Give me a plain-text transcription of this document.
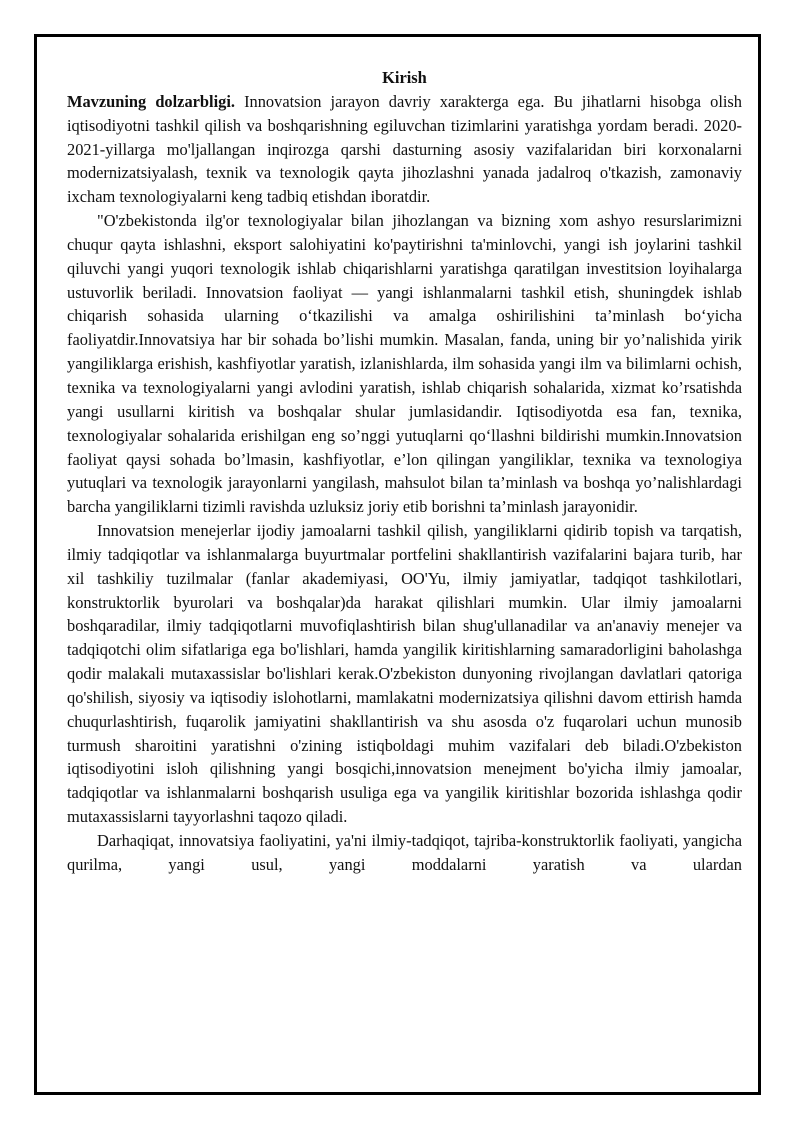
Kirish

Mavzuning dolzarbligi. Innovatsion jarayon davriy xarakterga ega. Bu jihatlarni hisobga olish iqtisodiyotni tashkil qilish va boshqarishning egiluvchan tizimlarini yaratishga yordam beradi. 2020-2021-yillarga mo'ljallangan inqirozga qarshi dasturning asosiy vazifalaridan biri korxonalarni modernizatsiyalash, texnik va texnologik qayta jihozlashni yanada jadalroq o'tkazish, zamonaviy ixcham texnologiyalarni keng tadbiq etishdan iboratdir.

"O'zbekistonda ilg'or texnologiyalar bilan jihozlangan va bizning xom ashyo resurslarimizni chuqur qayta ishlashni, eksport salohiyatini ko'paytirishni ta'minlovchi, yangi ish joylarini tashkil qiluvchi yangi yuqori texnologik ishlab chiqarishlarni yaratishga qaratilgan investitsion loyihalarga ustuvorlik beriladi. Innovatsion faoliyat — yangi ishlanmalarni tashkil etish, shuningdek ishlab chiqarish sohasida ularning o‘tkazilishi va amalga oshirilishini ta’minlash bo‘yicha faoliyatdir.Innovatsiya har bir sohada bo’lishi mumkin. Masalan, fanda, uning bir yo’nalishida yirik yangiliklarga erishish, kashfiyotlar yaratish, izlanishlarda, ilm sohasida yangi ilm va bilimlarni ochish, texnika va texnologiyalarni yangi avlodini yaratish, ishlab chiqarish sohalarida, xizmat ko’rsatishda yangi usullarni kiritish va boshqalar shular jumlasidandir. Iqtisodiyotda esa fan, texnika, texnologiyalar sohalarida erishilgan eng so’nggi yutuqlarni qo‘llashni bildirishi mumkin.Innovatsion faoliyat qaysi sohada bo’lmasin, kashfiyotlar, e’lon qilingan yangiliklar, texnika va texnologiya yutuqlari va texnologik jarayonlarni yangilash, mahsulot bilan ta’minlash va boshqa yo’nalishlardagi barcha yangiliklarni tizimli ravishda uzluksiz joriy etib borishni ta’minlash jarayonidir.

Innovatsion menejerlar ijodiy jamoalarni tashkil qilish, yangiliklarni qidirib topish va tarqatish, ilmiy tadqiqotlar va ishlanmalarga buyurtmalar portfelini shakllantirish vazifalarini bajara turib, har xil tashkiliy tuzilmalar (fanlar akademiyasi, OO'Yu, ilmiy jamiyatlar, tadqiqot tashkilotlari, konstruktorlik byurolari va boshqalar)da harakat qilishlari mumkin. Ular ilmiy jamoalarni boshqaradilar, ilmiy tadqiqotlarni muvofiqlashtirish bilan shug'ullanadilar va an'anaviy menejer va tadqiqotchi olim sifatlariga ega bo'lishlari, hamda yangilik kiritishlarning samaradorligini baholashga qodir malakali mutaxassislar bo'lishlari kerak.O'zbekiston dunyoning rivojlangan davlatlari qatoriga qo'shilish, siyosiy va iqtisodiy islohotlarni, mamlakatni modernizatsiya qilishni davom ettirish hamda chuqurlashtirish, fuqarolik jamiyatini shakllantirish va shu asosda o'z fuqarolari uchun munosib turmush sharoitini yaratishni o'zining istiqboldagi muhim vazifalari deb biladi.O'zbekiston iqtisodiyotini isloh qilishning yangi bosqichi,innovatsion menejment bo'yicha ilmiy jamoalar, tadqiqotlar va ishlanmalarni boshqarish usuliga ega va yangilik kiritishlar bozorida ishlashga qodir mutaxassislarni tayyorlashni taqozo qiladi.

Darhaqiqat, innovatsiya faoliyatini, ya'ni ilmiy-tadqiqot, tajriba-konstruktorlik faoliyati, yangicha qurilma, yangi usul, yangi moddalarni yaratish va ulardan
